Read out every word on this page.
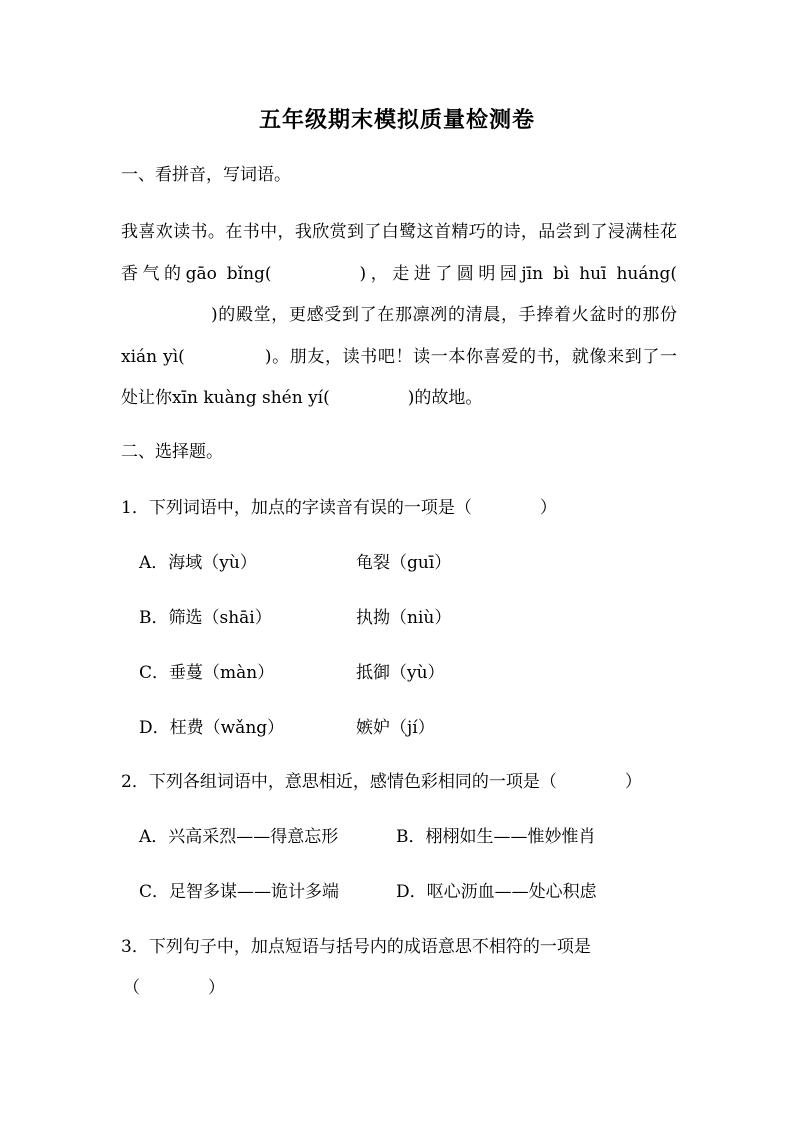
五年级期末模拟质量检测卷
一、看拼音，写词语。
我喜欢读书。在书中，我欣赏到了白鹭这首精巧的诗，品尝到了浸满桂花香气的gāo bǐng(	)，走进了圆明园jīn bì huī huáng()的殿堂，更感受到了在那凛冽的清晨，手捧着火盆时的那份xián yì(	)。朋友，读书吧！读一本你喜爱的书，就像来到了一处让你xīn kuàng shén yí(	)的故地。
二、选择题。
1．下列词语中，加点的字读音有误的一项是（　　　　）
A．海域（yù）	龟裂（guī）
B．筛选（shāi）	执拗（niù）
C．垂蔓（màn）	抵御（yù）
D．枉费（wǎng）	嫉妒（jí）
2．下列各组词语中，意思相近，感情色彩相同的一项是（　　　　）
A．兴高采烈——得意忘形	B．栩栩如生——惟妙惟肖
C．足智多谋——诡计多端	D．呕心沥血——处心积虑
3．下列句子中，加点短语与括号内的成语意思不相符的一项是
（　　　　）
